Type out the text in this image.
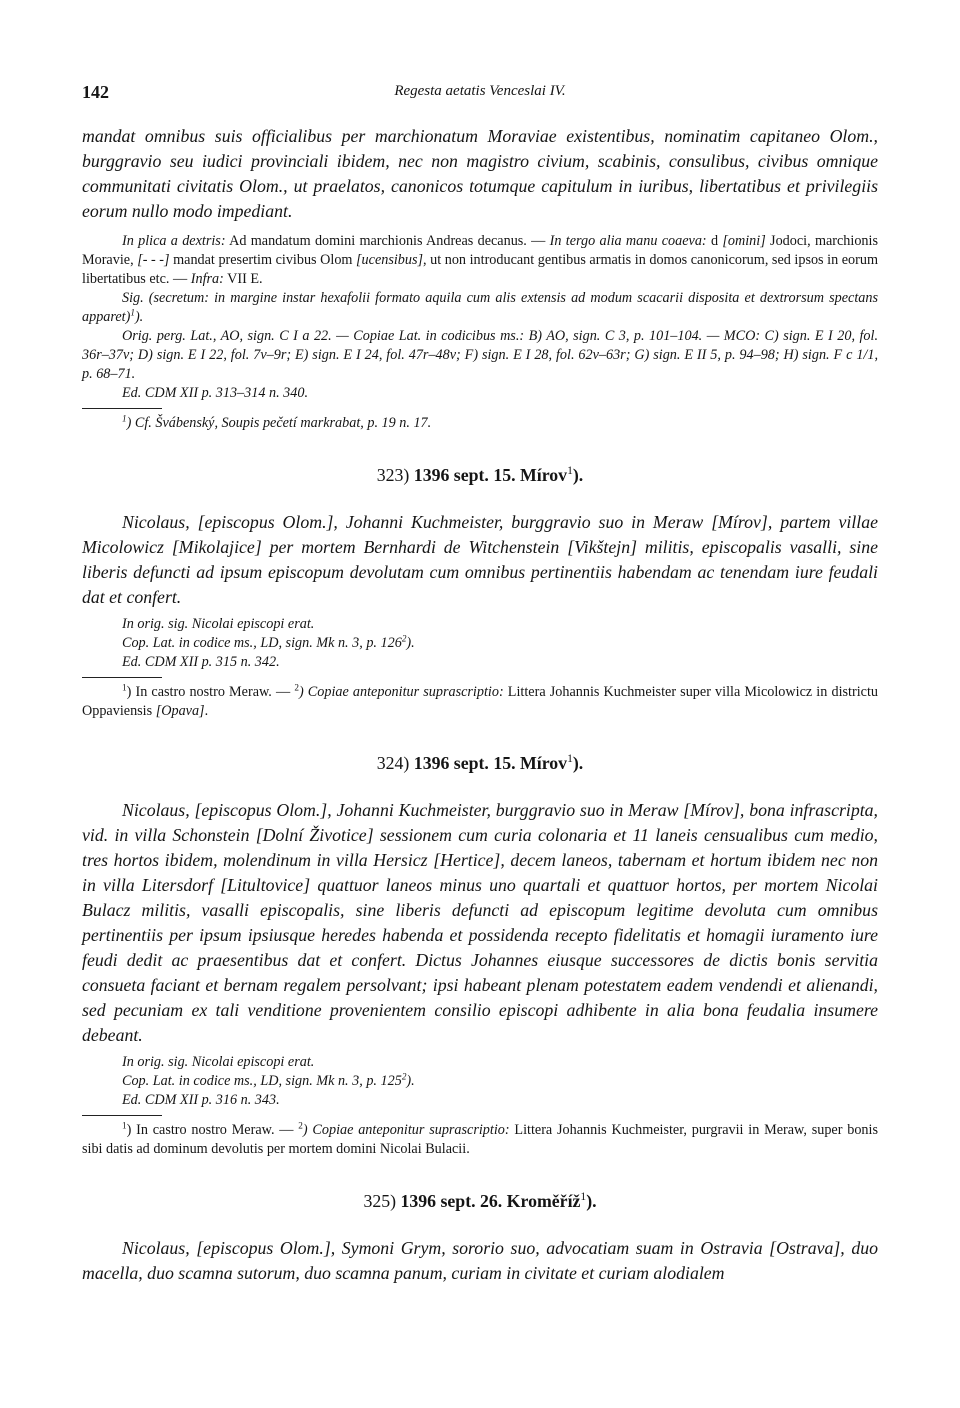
142	Regesta aetatis Venceslai IV.

mandat omnibus suis officialibus per marchionatum Moraviae existentibus, nominatim capitaneo Olom., burggravio seu iudici provinciali ibidem, nec non magistro civium, scabinis, consulibus, civibus omnique communitati civitatis Olom., ut praelatos, canonicos totumque capitulum in iuribus, libertatibus et privilegiis eorum nullo modo impediant.

In plica a dextris: Ad mandatum domini marchionis Andreas decanus. — In tergo alia manu coaeva: d [omini] Jodoci, marchionis Moravie, [- - -] mandat presertim civibus Olom [ucensibus], ut non introducant gentibus armatis in domos canonicorum, sed ipsos in eorum libertatibus etc. — Infra: VII E.

Sig. (secretum: in margine instar hexafolii formato aquila cum alis extensis ad modum scacarii disposita et dextrorsum spectans apparet)$^1$).

Orig. perg. Lat., AO, sign. C I a 22. — Copiae Lat. in codicibus ms.: B) AO, sign. C 3, p. 101–104. — MCO: C) sign. E I 20, fol. 36r–37v; D) sign. E I 22, fol. 7v–9r; E) sign. E I 24, fol. 47r–48v; F) sign. E I 28, fol. 62v–63r; G) sign. E II 5, p. 94–98; H) sign. F c 1/1, p. 68–71.

Ed. CDM XII p. 313–314 n. 340.

$^1$) Cf. Švábenský, Soupis pečetí markrabat, p. 19 n. 17.

323) 1396 sept. 15. Mírov$^1$).

Nicolaus, [episcopus Olom.], Johanni Kuchmeister, burggravio suo in Meraw [Mírov], partem villae Micolowicz [Mikolajice] per mortem Bernhardi de Witchenstein [Vikštejn] militis, episcopalis vasalli, sine liberis defuncti ad ipsum episcopum devolutam cum omnibus pertinentiis habendam ac tenendam iure feudali dat et confert.

In orig. sig. Nicolai episcopi erat.

Cop. Lat. in codice ms., LD, sign. Mk n. 3, p. $126^2$).

Ed. CDM XII p. 315 n. 342.

$^1$) In castro nostro Meraw. — $^2$) Copiae anteponitur suprascriptio: Littera Johannis Kuchmeister super villa Micolowicz in districtu Oppaviensis [Opava].

324) 1396 sept. 15. Mírov$^1$).

Nicolaus, [episcopus Olom.], Johanni Kuchmeister, burggravio suo in Meraw [Mírov], bona infrascripta, vid. in villa Schonstein [Dolní Životice] sessionem cum curia colonaria et 11 laneis censualibus cum medio, tres hortos ibidem, molendinum in villa Hersicz [Hertice], decem laneos, tabernam et hortum ibidem nec non in villa Litersdorf [Litultovice] quattuor laneos minus uno quartali et quattuor hortos, per mortem Nicolai Bulacz militis, vasalli episcopalis, sine liberis defuncti ad episcopum legitime devoluta cum omnibus pertinentiis per ipsum ipsiusque heredes habenda et possidenda recepto fidelitatis et homagii iuramento iure feudi dedit ac praesentibus dat et confert. Dictus Johannes eiusque successores de dictis bonis servitia consueta faciant et bernam regalem persolvant; ipsi habeant plenam potestatem eadem vendendi et alienandi, sed pecuniam ex tali venditione provenientem consilio episcopi adhibente in alia bona feudalia insumere debeant.

In orig. sig. Nicolai episcopi erat.

Cop. Lat. in codice ms., LD, sign. Mk n. 3, p. $125^2$).

Ed. CDM XII p. 316 n. 343.

$^1$) In castro nostro Meraw. — $^2$) Copiae anteponitur suprascriptio: Littera Johannis Kuchmeister, purgravii in Meraw, super bonis sibi datis ad dominum devolutis per mortem domini Nicolai Bulacii.

325) 1396 sept. 26. Kroměříž$^1$).

Nicolaus, [episcopus Olom.], Symoni Grym, sororio suo, advocatiam suam in Ostravia [Ostrava], duo macella, duo scamna sutorum, duo scamna panum, curiam in civitate et curiam alodialem
